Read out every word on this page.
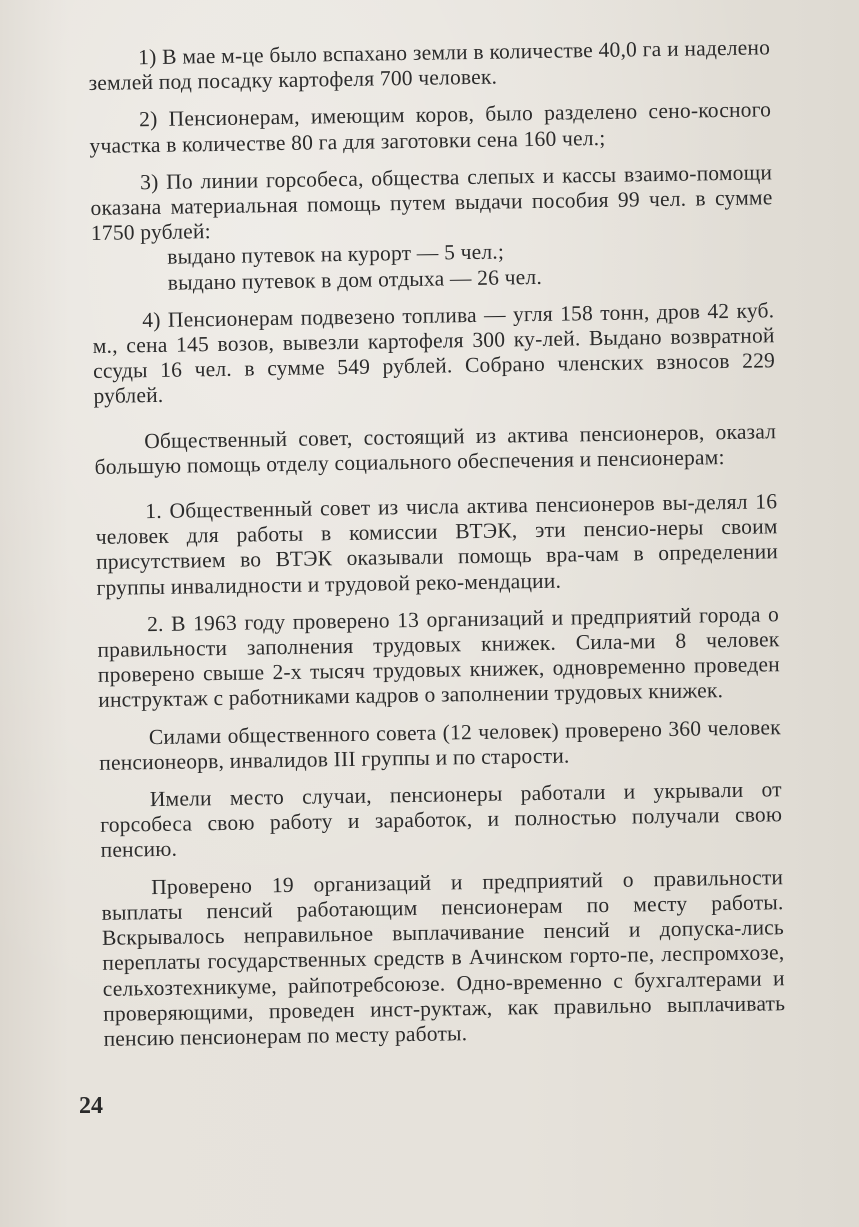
1) В мае м-це было вспахано земли в количестве 40,0 га и наделено землей под посадку картофеля 700 человек.

2) Пенсионерам, имеющим коров, было разделено сено-косного участка в количестве 80 га для заготовки сена 160 чел.;

3) По линии горсобеса, общества слепых и кассы взаимо-помощи оказана материальная помощь путем выдачи пособия 99 чел. в сумме 1750 рублей:

выдано путевок на курорт — 5 чел.;

выдано путевок в дом отдыха — 26 чел.

4) Пенсионерам подвезено топлива — угля 158 тонн, дров 42 куб. м., сена 145 возов, вывезли картофеля 300 ку-лей. Выдано возвратной ссуды 16 чел. в сумме 549 рублей. Собрано членских взносов 229 рублей.

Общественный совет, состоящий из актива пенсионеров, оказал большую помощь отделу социального обеспечения и пенсионерам:

1. Общественный совет из числа актива пенсионеров вы-делял 16 человек для работы в комиссии ВТЭК, эти пенсио-неры своим присутствием во ВТЭК оказывали помощь вра-чам в определении группы инвалидности и трудовой реко-мендации.

2. В 1963 году проверено 13 организаций и предприятий города о правильности заполнения трудовых книжек. Сила-ми 8 человек проверено свыше 2-х тысяч трудовых книжек, одновременно проведен инструктаж с работниками кадров о заполнении трудовых книжек.

Силами общественного совета (12 человек) проверено 360 человек пенсионеорв, инвалидов III группы и по старости.

Имели место случаи, пенсионеры работали и укрывали от горсобеса свою работу и заработок, и полностью получали свою пенсию.

Проверено 19 организаций и предприятий о правильности выплаты пенсий работающим пенсионерам по месту работы. Вскрывалось неправильное выплачивание пенсий и допуска-лись переплаты государственных средств в Ачинском горто-пе, леспромхозе, сельхозтехникуме, райпотребсоюзе. Одно-временно с бухгалтерами и проверяющими, проведен инст-руктаж, как правильно выплачивать пенсию пенсионерам по месту работы.

24
